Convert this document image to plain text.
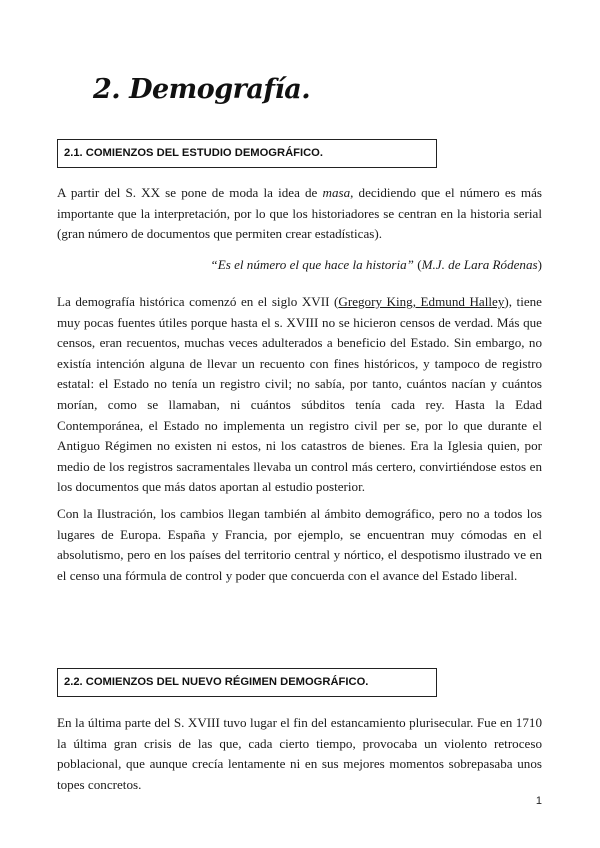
2. Demografía.
2.1. COMIENZOS DEL ESTUDIO DEMOGRÁFICO.

A partir del S. XX se pone de moda la idea de masa, decidiendo que el número es más importante que la interpretación, por lo que los historiadores se centran en la historia serial (gran número de documentos que permiten crear estadísticas).

“Es el número el que hace la historia” (M.J. de Lara Ródenas)

La demografía histórica comenzó en el siglo XVII (Gregory King, Edmund Halley), tiene muy pocas fuentes útiles porque hasta el s. XVIII no se hicieron censos de verdad. Más que censos, eran recuentos, muchas veces adulterados a beneficio del Estado. Sin embargo, no existía intención alguna de llevar un recuento con fines históricos, y tampoco de registro estatal: el Estado no tenía un registro civil; no sabía, por tanto, cuántos nacían y cuántos morían, como se llamaban, ni cuántos súbditos tenía cada rey. Hasta la Edad Contemporánea, el Estado no implementa un registro civil per se, por lo que durante el Antiguo Régimen no existen ni estos, ni los catastros de bienes. Era la Iglesia quien, por medio de los registros sacramentales llevaba un control más certero, convirtiéndose estos en los documentos que más datos aportan al estudio posterior.

Con la Ilustración, los cambios llegan también al ámbito demográfico, pero no a todos los lugares de Europa. España y Francia, por ejemplo, se encuentran muy cómodas en el absolutismo, pero en los países del territorio central y nórtico, el despotismo ilustrado ve en el censo una fórmula de control y poder que concuerda con el avance del Estado liberal.

2.2. COMIENZOS DEL NUEVO RÉGIMEN DEMOGRÁFICO.

En la última parte del S. XVIII tuvo lugar el fin del estancamiento plurisecular. Fue en 1710 la última gran crisis de las que, cada cierto tiempo, provocaba un violento retroceso poblacional, que aunque crecía lentamente ni en sus mejores momentos sobrepasaba unos topes concretos.

1
